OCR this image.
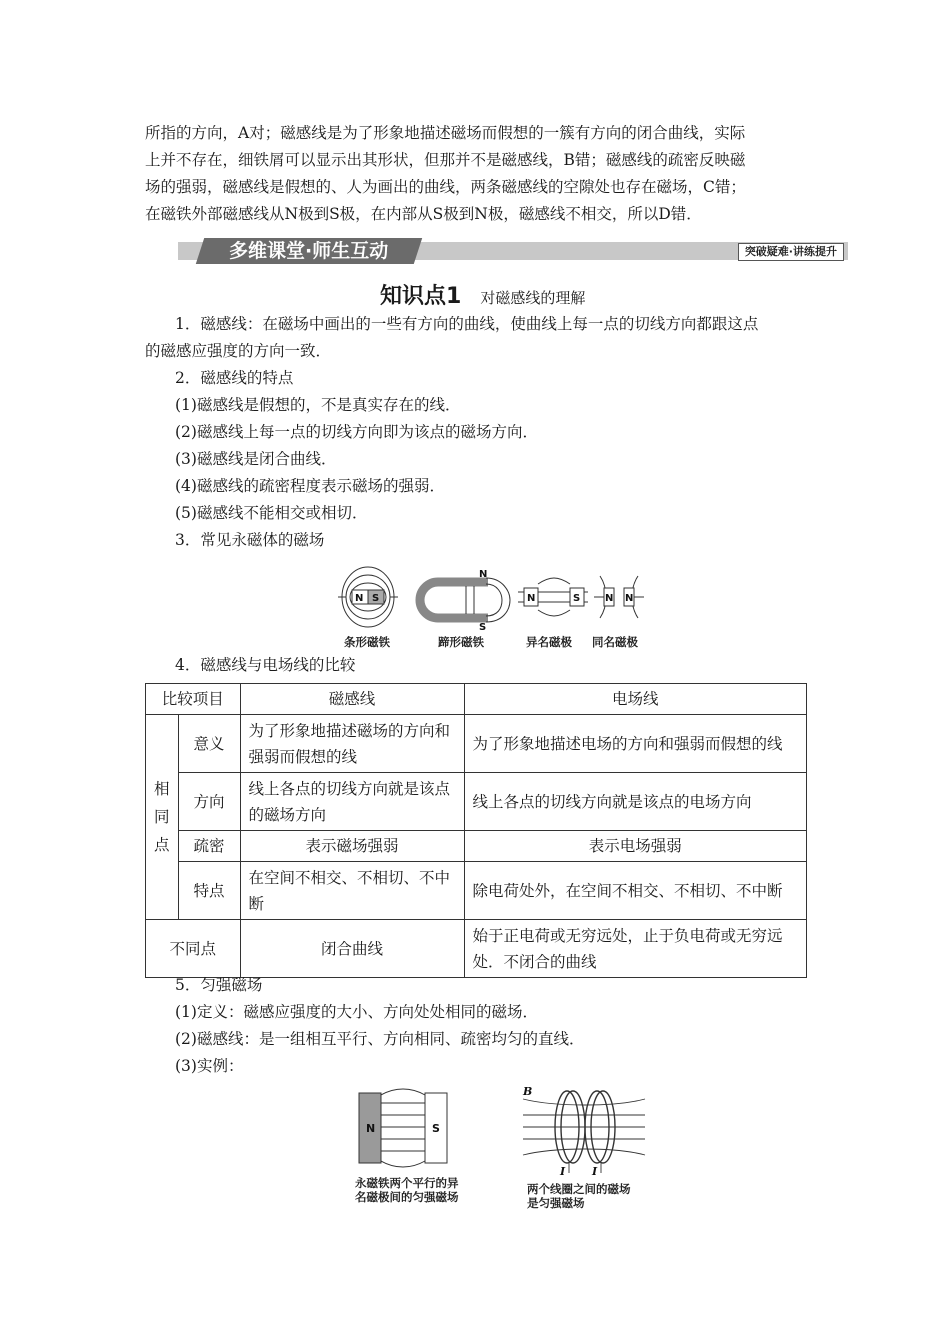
所指的方向，A对；磁感线是为了形象地描述磁场而假想的一簇有方向的闭合曲线，实际
上并不存在，细铁屑可以显示出其形状，但那并不是磁感线，B错；磁感线的疏密反映磁
场的强弱，磁感线是假想的、人为画出的曲线，两条磁感线的空隙处也存在磁场，C错；
在磁铁外部磁感线从N极到S极，在内部从S极到N极，磁感线不相交，所以D错．
多维课堂·师生互动	突破疑难·讲练提升
知识点1 对磁感线的理解
1．磁感线：在磁场中画出的一些有方向的曲线，使曲线上每一点的切线方向都跟这点
的磁感应强度的方向一致．
2．磁感线的特点
(1)磁感线是假想的，不是真实存在的线．
(2)磁感线上每一点的切线方向即为该点的磁场方向．
(3)磁感线是闭合曲线．
(4)磁感线的疏密程度表示磁场的强弱．
(5)磁感线不能相交或相切．
3．常见永磁体的磁场
N S
N
S
N	S N N
条形磁铁	蹄形磁铁	异名磁极 同名磁极
4．磁感线与电场线的比较
比较项目		磁感线	电场线
相
同
点	意义	为了形象地描述磁场的方向和强弱而假想的线	为了形象地描述电场的方向和强弱而假想的线
	方向	线上各点的切线方向就是该点的磁场方向	线上各点的切线方向就是该点的电场方向
	疏密	表示磁场强弱	表示电场强弱
	特点	在空间不相交、不相切、不中断	除电荷处外，在空间不相交、不相切、不中断
不同点		闭合曲线	始于正电荷或无穷远处，止于负电荷或无穷远处．不闭合的曲线
5．匀强磁场
(1)定义：磁感应强度的大小、方向处处相同的磁场．
(2)磁感线：是一组相互平行、方向相同、疏密均匀的直线．
(3)实例：
N	S
B
I I
永磁铁两个平行的异
名磁极间的匀强磁场
两个线圈之间的磁场
是匀强磁场
